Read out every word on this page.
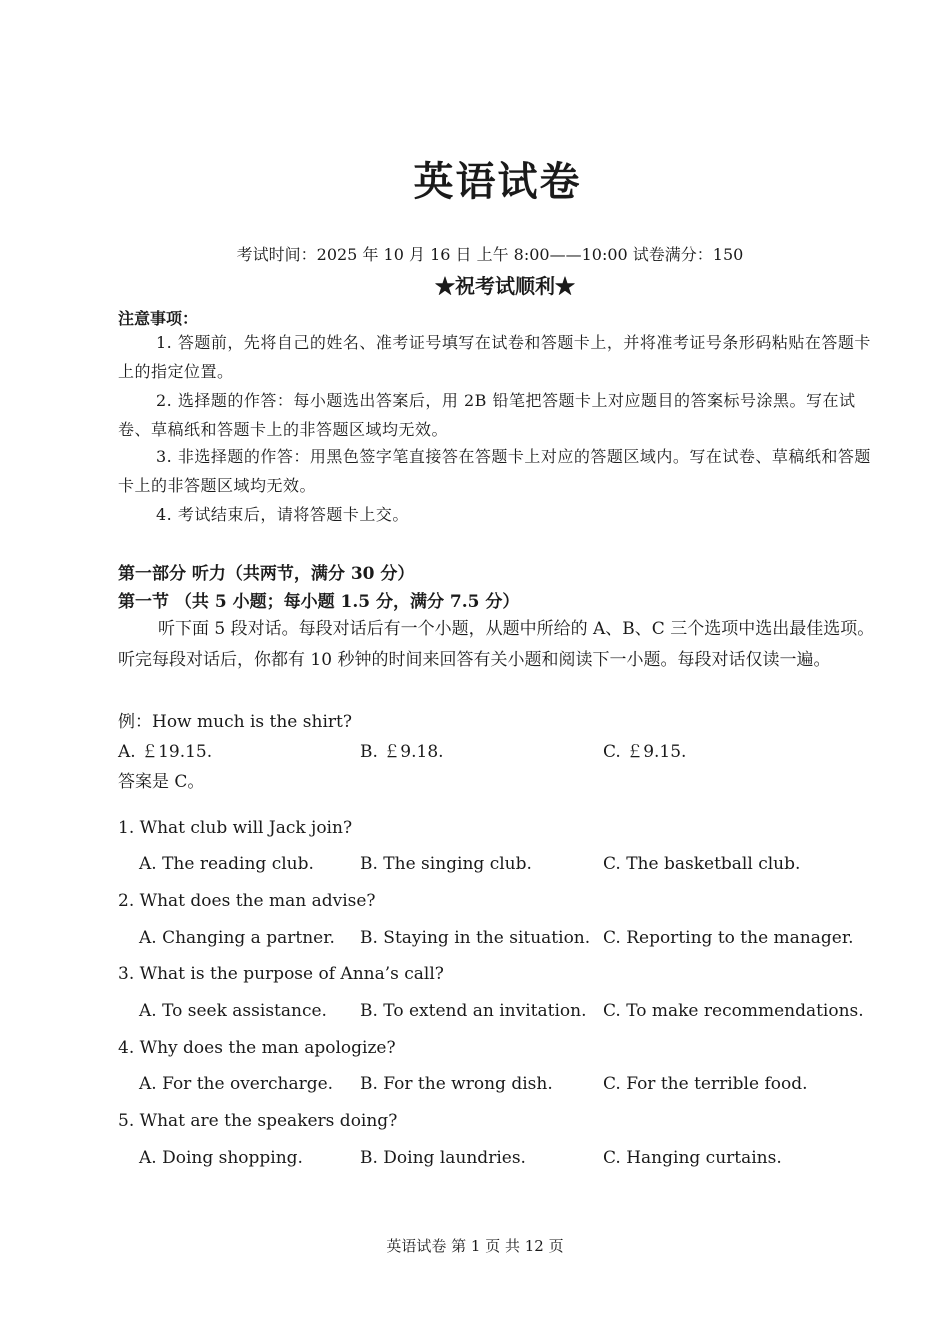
英语试卷
考试时间：2025 年 10 月 16 日 上午 8:00——10:00 试卷满分：150
★祝考试顺利★
注意事项：
1. 答题前，先将自己的姓名、准考证号填写在试卷和答题卡上，并将准考证号条形码粘贴在答题卡上的指定位置。
2. 选择题的作答：每小题选出答案后，用 2B 铅笔把答题卡上对应题目的答案标号涂黑。写在试卷、草稿纸和答题卡上的非答题区域均无效。
3. 非选择题的作答：用黑色签字笔直接答在答题卡上对应的答题区域内。写在试卷、草稿纸和答题卡上的非答题区域均无效。
4. 考试结束后，请将答题卡上交。
第一部分 听力（共两节，满分 30 分）
第一节 （共 5 小题；每小题 1.5 分，满分 7.5 分）
听下面 5 段对话。每段对话后有一个小题，从题中所给的 A、B、C 三个选项中选出最佳选项。听完每段对话后，你都有 10 秒钟的时间来回答有关小题和阅读下一小题。每段对话仅读一遍。
例：How much is the shirt?
A. ￡19.15.	B. ￡9.18.	C. ￡9.15.
答案是 C。
1. What club will Jack join?
A. The reading club.	B. The singing club.	C. The basketball club.
2. What does the man advise?
A. Changing a partner. B. Staying in the situation. C. Reporting to the manager.
3. What is the purpose of Anna’s call?
A. To seek assistance. B. To extend an invitation. C. To make recommendations.
4. Why does the man apologize?
A. For the overcharge. B. For the wrong dish.	C. For the terrible food.
5. What are the speakers doing?
A. Doing shopping.	B. Doing laundries.	C. Hanging curtains.
英语试卷 第 1 页 共 12 页
